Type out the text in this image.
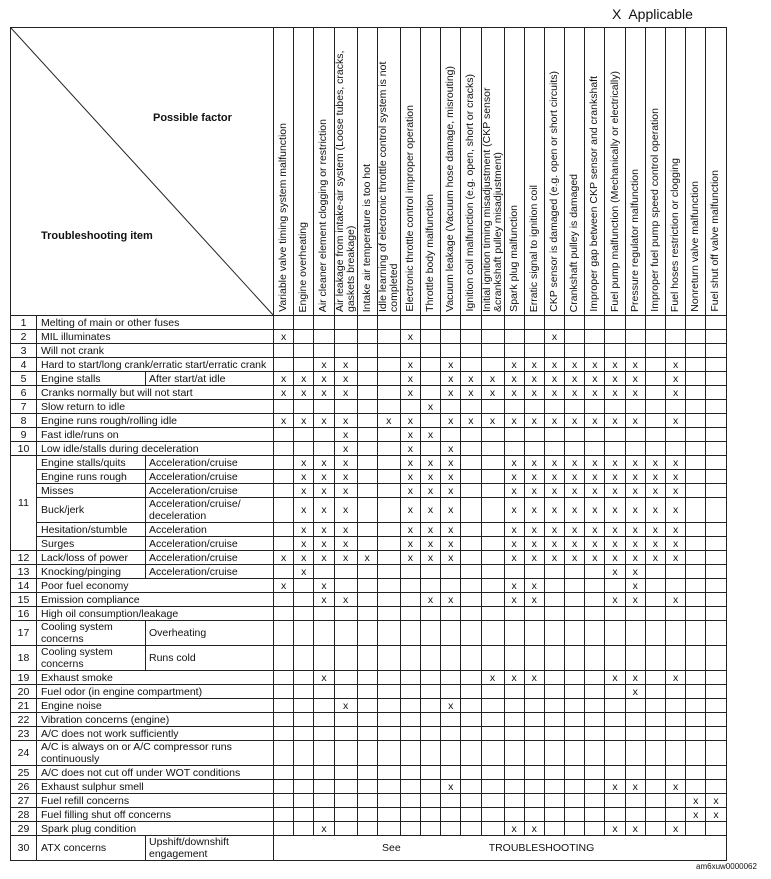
X Applicable
Possible factor
Troubleshooting item			Variable valve timing system malfunction	Engine overheating	Air cleaner element clogging or restriction	Air leakage from intake-air system (Loose tubes, cracks, gaskets breakage)	Intake air temperature is too hot	Idle learning of electronic throttle control system is not completed	Electronic throttle control improper operation	Throttle body malfunction	Vacuum leakage (Vacuum hose damage, misrouting)	Ignition coil malfunction (e.g. open, short or cracks)	Initial ignition timing misadjustment (CKP sensor &crankshaft pulley misadjustment)	Spark plug malfunction	Erratic signal to ignition coil	CKP sensor is damaged (e.g. open or short circuits)	Crankshaft pulley is damaged	Improper gap between CKP sensor and crankshaft	Fuel pump malfunction (Mechanically or electrically)	Pressure regulator malfunction	Improper fuel pump speed control operation	Fuel hoses restriction or clogging	Nonreturn valve malfunction	Fuel shut off valve malfunction

1	Melting of main or other fuses																							
2	MIL illuminates		x						x							x								
3	Will not crank																							
4	Hard to start/long crank/erratic start/erratic crank				x	x			x		x			x	x	x	x	x	x	x		x		
5	Engine stalls	After start/at idle	x	x	x	x			x		x	x	x	x	x	x	x	x	x	x		x		
6	Cranks normally but will not start		x	x	x	x			x		x	x	x	x	x	x	x	x	x	x		x		
7	Slow return to idle									x														
8	Engine runs rough/rolling idle		x	x	x	x		x	x		x	x	x	x	x	x	x	x	x	x		x		
9	Fast idle/runs on					x			x	x														
10	Low idle/stalls during deceleration					x			x		x													
11	Engine stalls/quits	Acceleration/cruise		x	x	x			x	x	x			x	x	x	x	x	x	x	x	x		
	Engine runs rough	Acceleration/cruise		x	x	x			x	x	x			x	x	x	x	x	x	x	x	x		
	Misses	Acceleration/cruise		x	x	x			x	x	x			x	x	x	x	x	x	x	x	x		
	Buck/jerk	Acceleration/cruise/ deceleration		x	x	x			x	x	x			x	x	x	x	x	x	x	x	x		
	Hesitation/stumble	Acceleration		x	x	x			x	x	x			x	x	x	x	x	x	x	x	x		
	Surges	Acceleration/cruise		x	x	x			x	x	x			x	x	x	x	x	x	x	x	x		
12	Lack/loss of power	Acceleration/cruise	x	x	x	x	x		x	x	x			x	x	x	x	x	x	x	x	x		
13	Knocking/pinging	Acceleration/cruise		x															x	x				
14	Poor fuel economy		x		x									x	x					x				
15	Emission compliance				x	x				x	x			x	x				x	x		x		
16	High oil consumption/leakage																							
17	Cooling system concerns	Overheating																						
18	Cooling system concerns	Runs cold																						
19	Exhaust smoke				x								x	x	x				x	x		x		
20	Fuel odor (in engine compartment)																			x				
21	Engine noise					x					x													
22	Vibration concerns (engine)																							
23	A/C does not work sufficiently																							
24	A/C is always on or A/C compressor runs continuously																							
25	A/C does not cut off under WOT conditions																							
26	Exhaust sulphur smell										x								x	x		x		
27	Fuel refill concerns																						x	x
28	Fuel filling shut off concerns																						x	x
29	Spark plug condition				x									x	x				x	x		x		
30	ATX concerns	Upshift/downshift engagement	See TROUBLESHOOTING																					
am6xuw0000062
